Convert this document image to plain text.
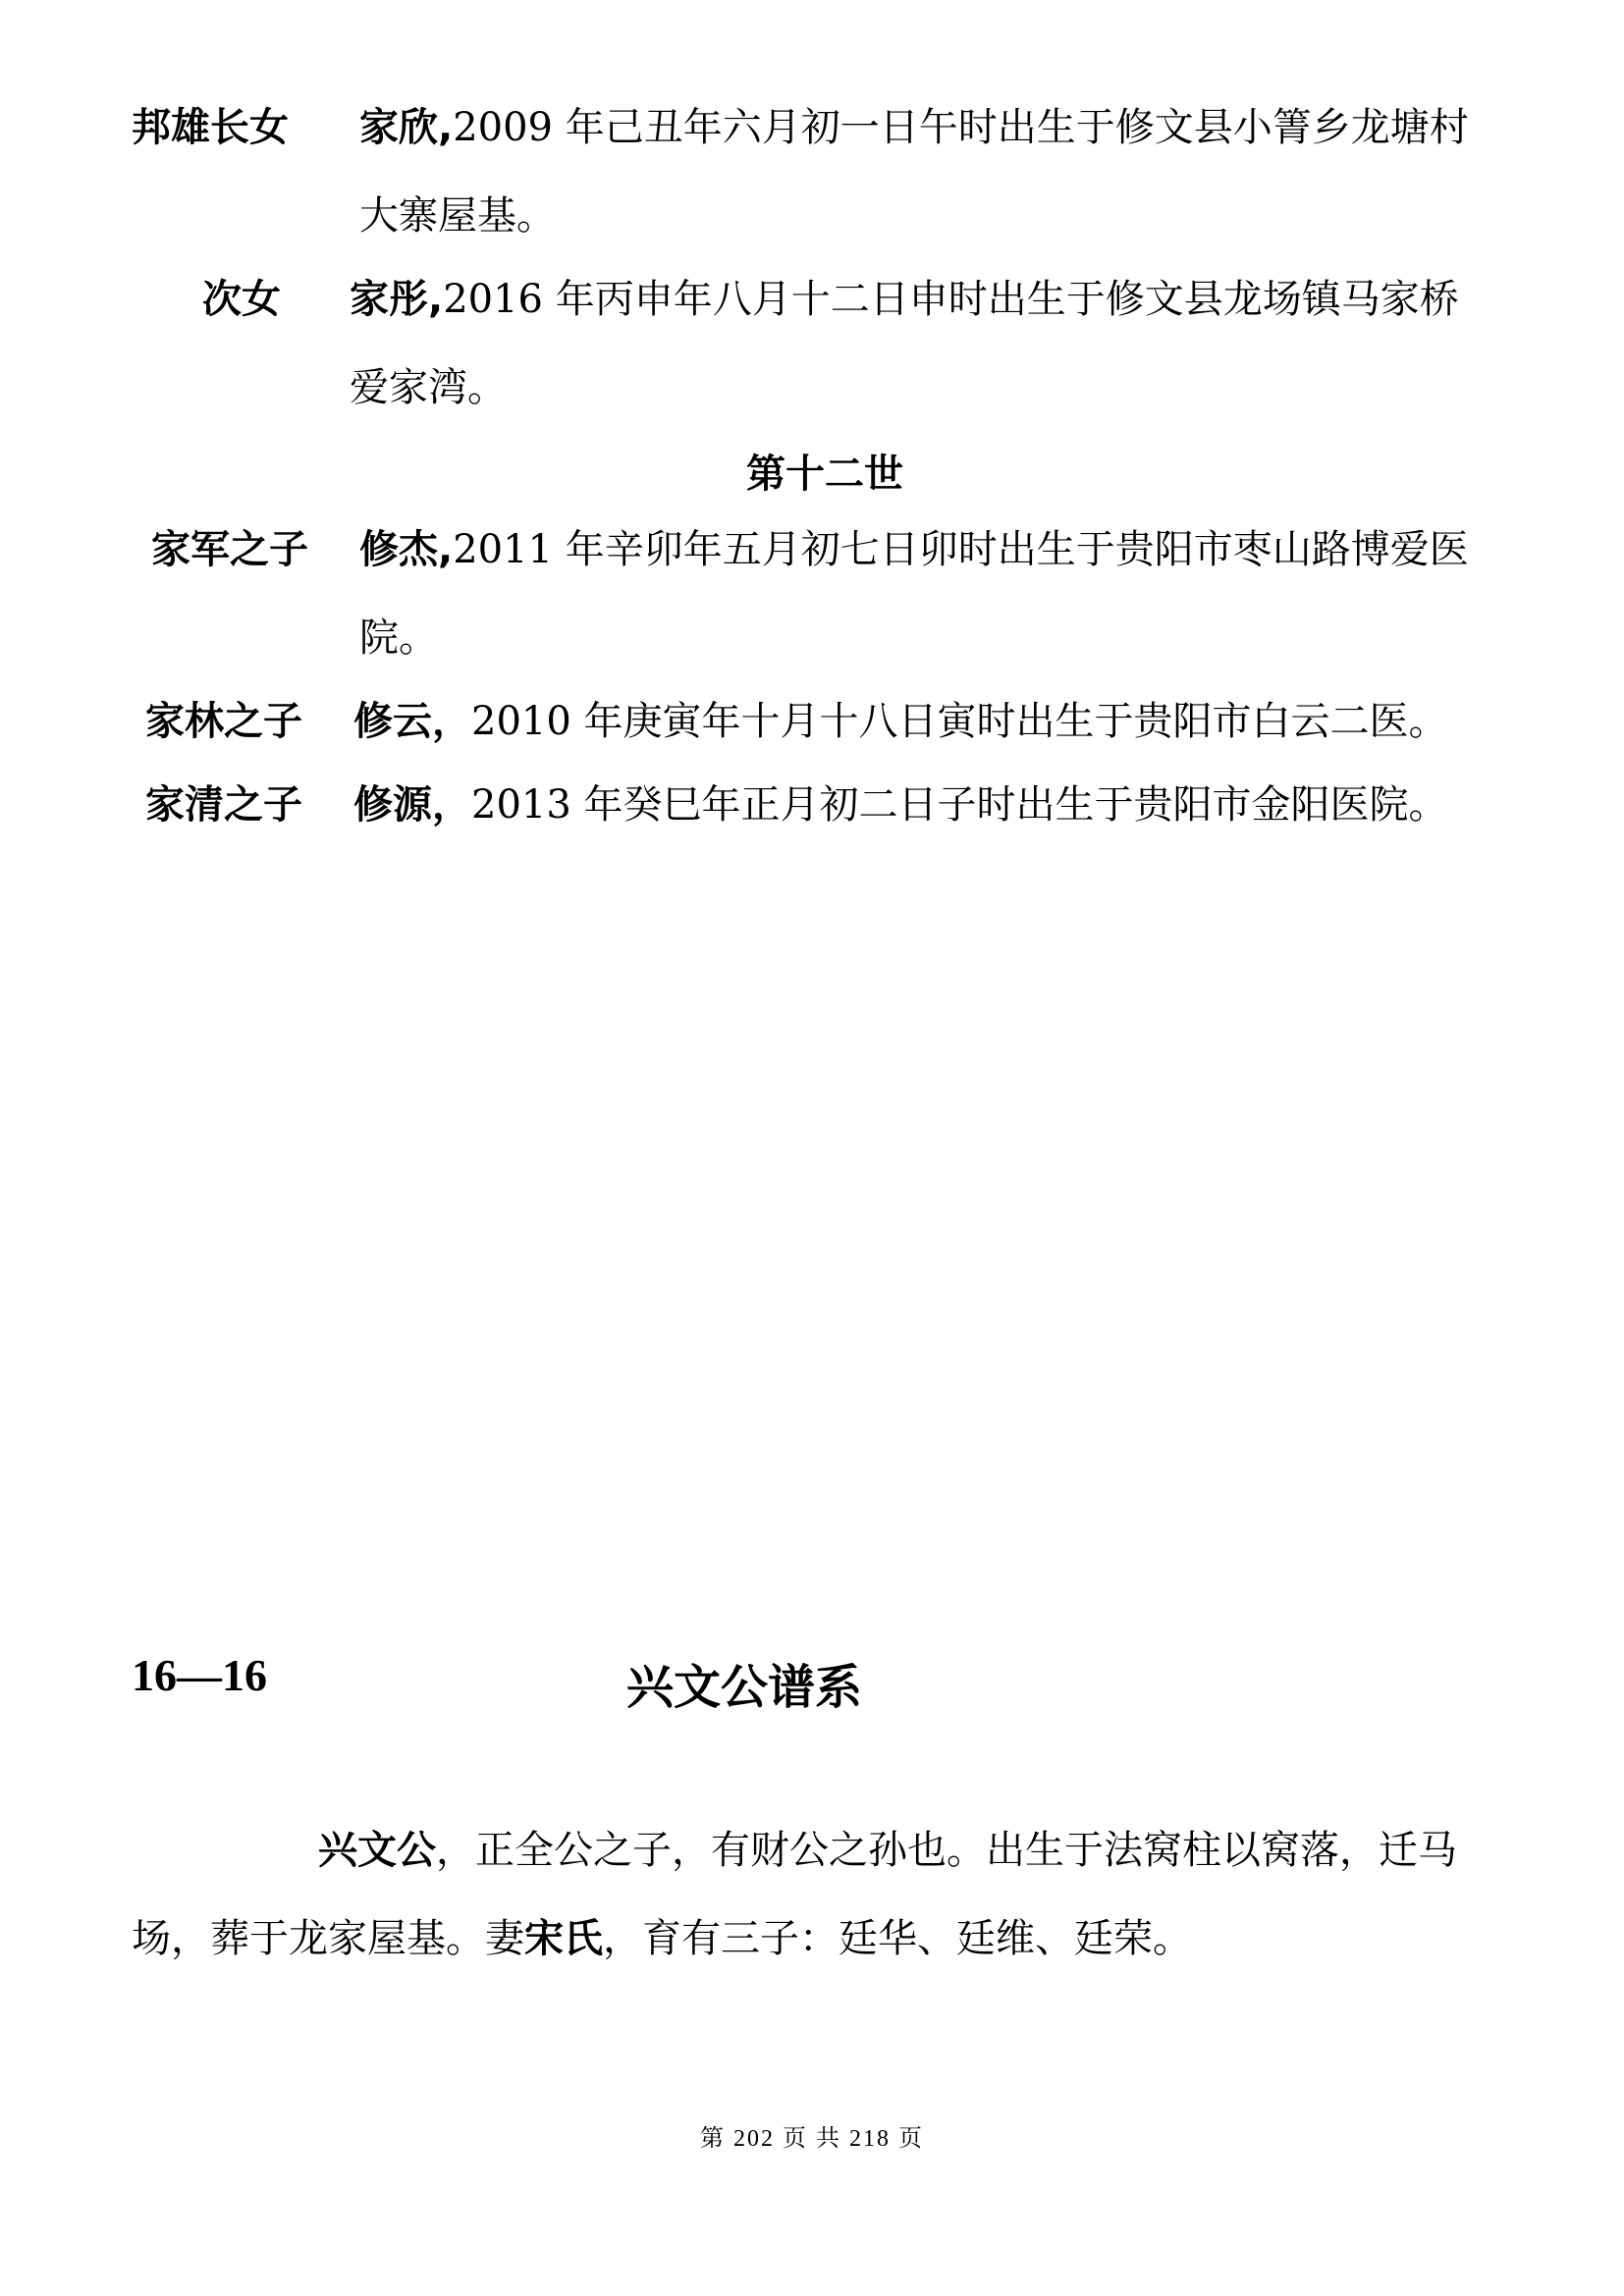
邦雄长女 家欣,2009 年己丑年六月初一日午时出生于修文县小箐乡龙塘村大寨屋基。
次女 家彤,2016 年丙申年八月十二日申时出生于修文县龙场镇马家桥爱家湾。
第十二世
家军之子 修杰,2011 年辛卯年五月初七日卯时出生于贵阳市枣山路博爱医院。
家林之子 修云，2010 年庚寅年十月十八日寅时出生于贵阳市白云二医。
家清之子 修源，2013 年癸巳年正月初二日子时出生于贵阳市金阳医院。
16—16	兴文公谱系
兴文公，正全公之子，有财公之孙也。出生于法窝柱以窝落，迁马场，葬于龙家屋基。妻宋氏，育有三子：廷华、廷维、廷荣。
第 202 页 共 218 页
